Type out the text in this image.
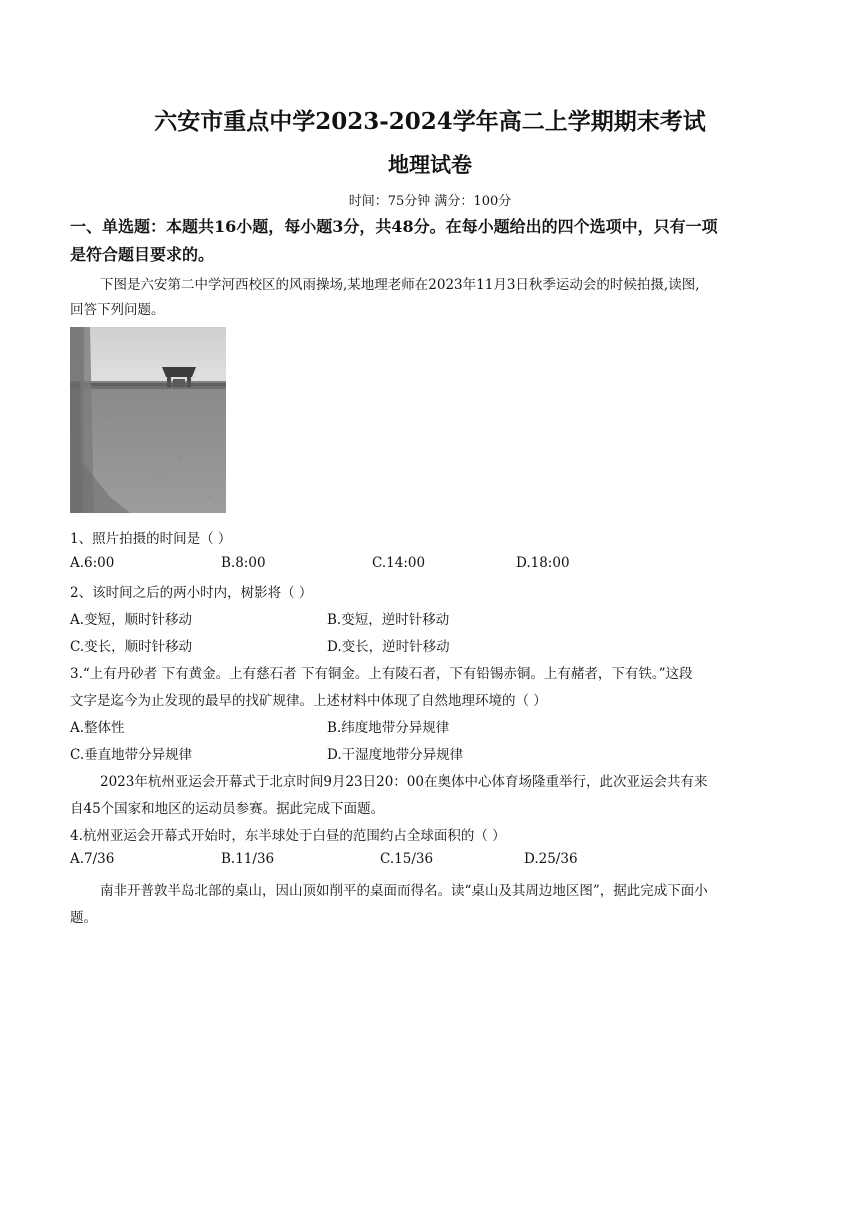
六安市重点中学2023-2024学年高二上学期期末考试
地理试卷
时间：75分钟 满分：100分
一、单选题：本题共16小题，每小题3分，共48分。在每小题给出的四个选项中，只有一项
是符合题目要求的。
下图是六安第二中学河西校区的风雨操场,某地理老师在2023年11月3日秋季运动会的时候拍摄,读图,
回答下列问题。
1、照片拍摄的时间是（ ）
A.6:00	B.8:00	C.14:00	D.18:00
2、该时间之后的两小时内，树影将（ ）
A.变短，顺时针移动	B.变短，逆时针移动
C.变长，顺时针移动	D.变长，逆时针移动
3.“上有丹砂者 下有黄金。上有慈石者 下有铜金。上有陵石者，下有铅锡赤铜。上有赭者，下有铁。”这段
文字是迄今为止发现的最早的找矿规律。上述材料中体现了自然地理环境的（ ）
A.整体性	B.纬度地带分异规律
C.垂直地带分异规律	D.干湿度地带分异规律
2023年杭州亚运会开幕式于北京时间9月23日20：00在奥体中心体育场隆重举行，此次亚运会共有来
自45个国家和地区的运动员参赛。据此完成下面题。
4.杭州亚运会开幕式开始时，东半球处于白昼的范围约占全球面积的（ ）
A.7/36	B.11/36	C.15/36	D.25/36
南非开普敦半岛北部的桌山，因山顶如削平的桌面而得名。读“桌山及其周边地区图”，据此完成下面小
题。
